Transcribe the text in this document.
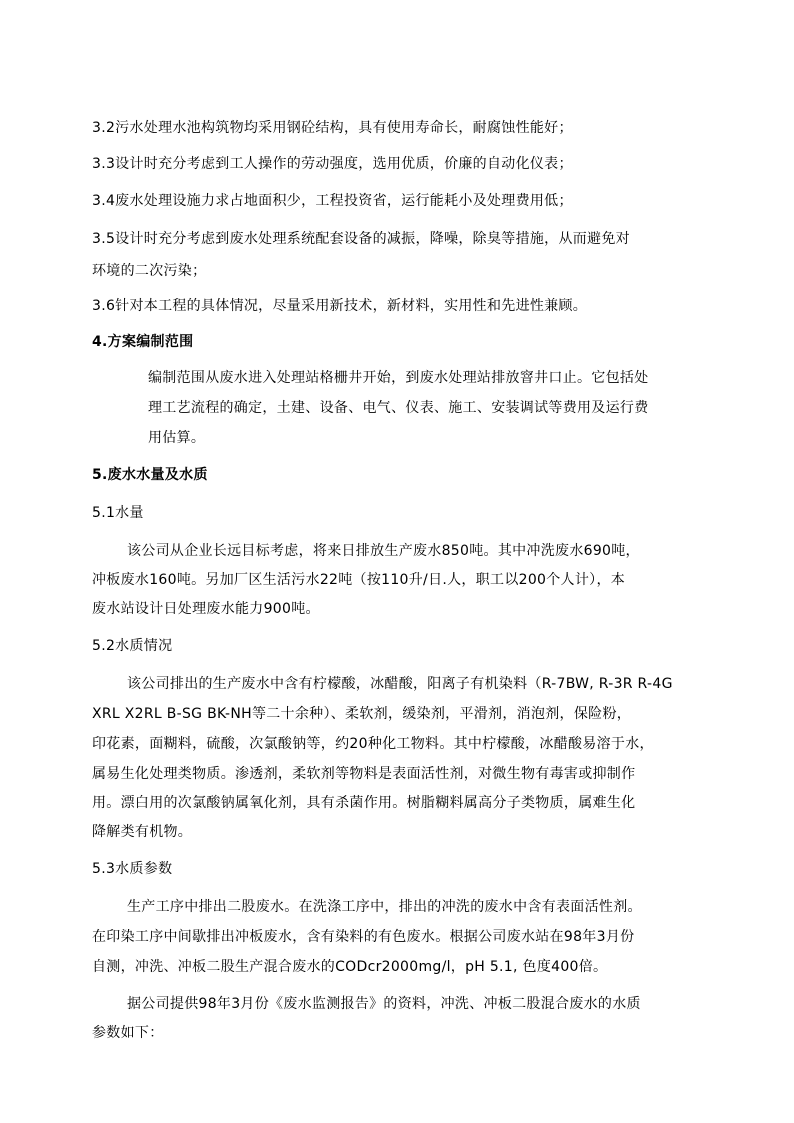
3.2污水处理水池构筑物均采用钢砼结构，具有使用寿命长，耐腐蚀性能好；
3.3设计时充分考虑到工人操作的劳动强度，选用优质，价廉的自动化仪表；
3.4废水处理设施力求占地面积少，工程投资省，运行能耗小及处理费用低；
3.5设计时充分考虑到废水处理系统配套设备的减振，降噪，除臭等措施，从而避免对
环境的二次污染；
3.6针对本工程的具体情况，尽量采用新技术，新材料，实用性和先进性兼顾。
4.方案编制范围
编制范围从废水进入处理站格栅井开始，到废水处理站排放窨井口止。它包括处
理工艺流程的确定，土建、设备、电气、仪表、施工、安装调试等费用及运行费
用估算。
5.废水水量及水质
5.1水量
该公司从企业长远目标考虑，将来日排放生产废水850吨。其中冲洗废水690吨，
冲板废水160吨。另加厂区生活污水22吨（按110升/日.人，职工以200个人计），本
废水站设计日处理废水能力900吨。
5.2水质情况
该公司排出的生产废水中含有柠檬酸，冰醋酸，阳离子有机染料（R-7BW, R-3R R-4G
XRL X2RL B-SG BK-NH等二十余种）、柔软剂，缓染剂，平滑剂，消泡剂，保险粉，
印花素，面糊料，硫酸，次氯酸钠等，约20种化工物料。其中柠檬酸，冰醋酸易溶于水，
属易生化处理类物质。渗透剂，柔软剂等物料是表面活性剂，对微生物有毒害或抑制作
用。漂白用的次氯酸钠属氧化剂，具有杀菌作用。树脂糊料属高分子类物质，属难生化
降解类有机物。
5.3水质参数
生产工序中排出二股废水。在洗涤工序中，排出的冲洗的废水中含有表面活性剂。
在印染工序中间歇排出冲板废水，含有染料的有色废水。根据公司废水站在98年3月份
自测，冲洗、冲板二股生产混合废水的CODcr2000mg/l，pH 5.1, 色度400倍。
据公司提供98年3月份《废水监测报告》的资料，冲洗、冲板二股混合废水的水质
参数如下：
